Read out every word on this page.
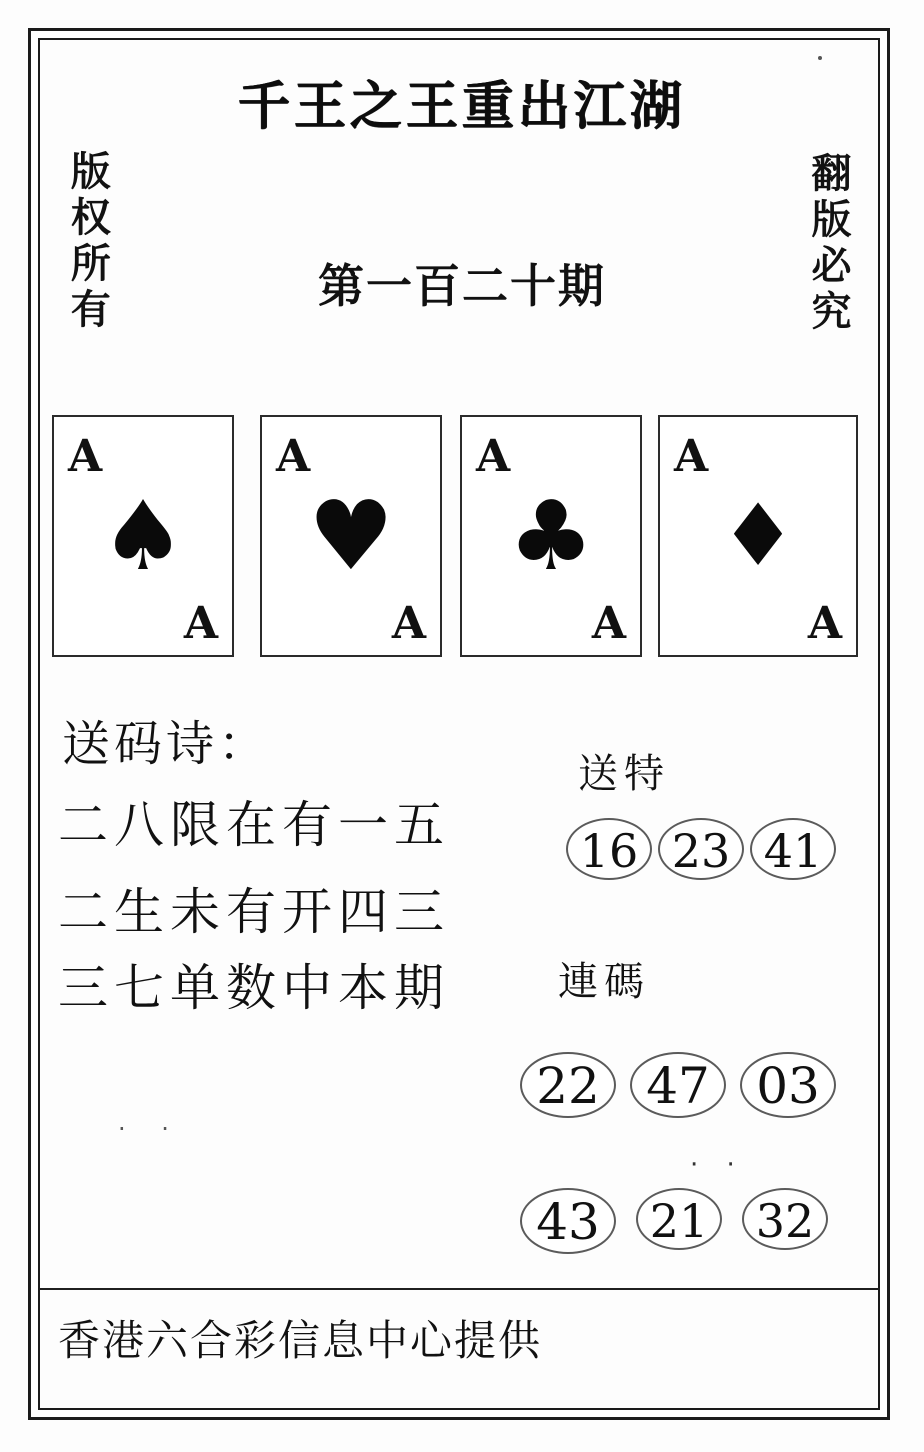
千王之王重出江湖
版权所有	翻版必究
第一百二十期
A
♠
A
A
♥
A
A
♣
A
A
♦
A
送码诗：
二八限在有一五
二生未有开四三
三七单数中本期
. .
送特
16 23 41
連碼
22 47 03
· ·
43	21 32
香港六合彩信息中心提供
